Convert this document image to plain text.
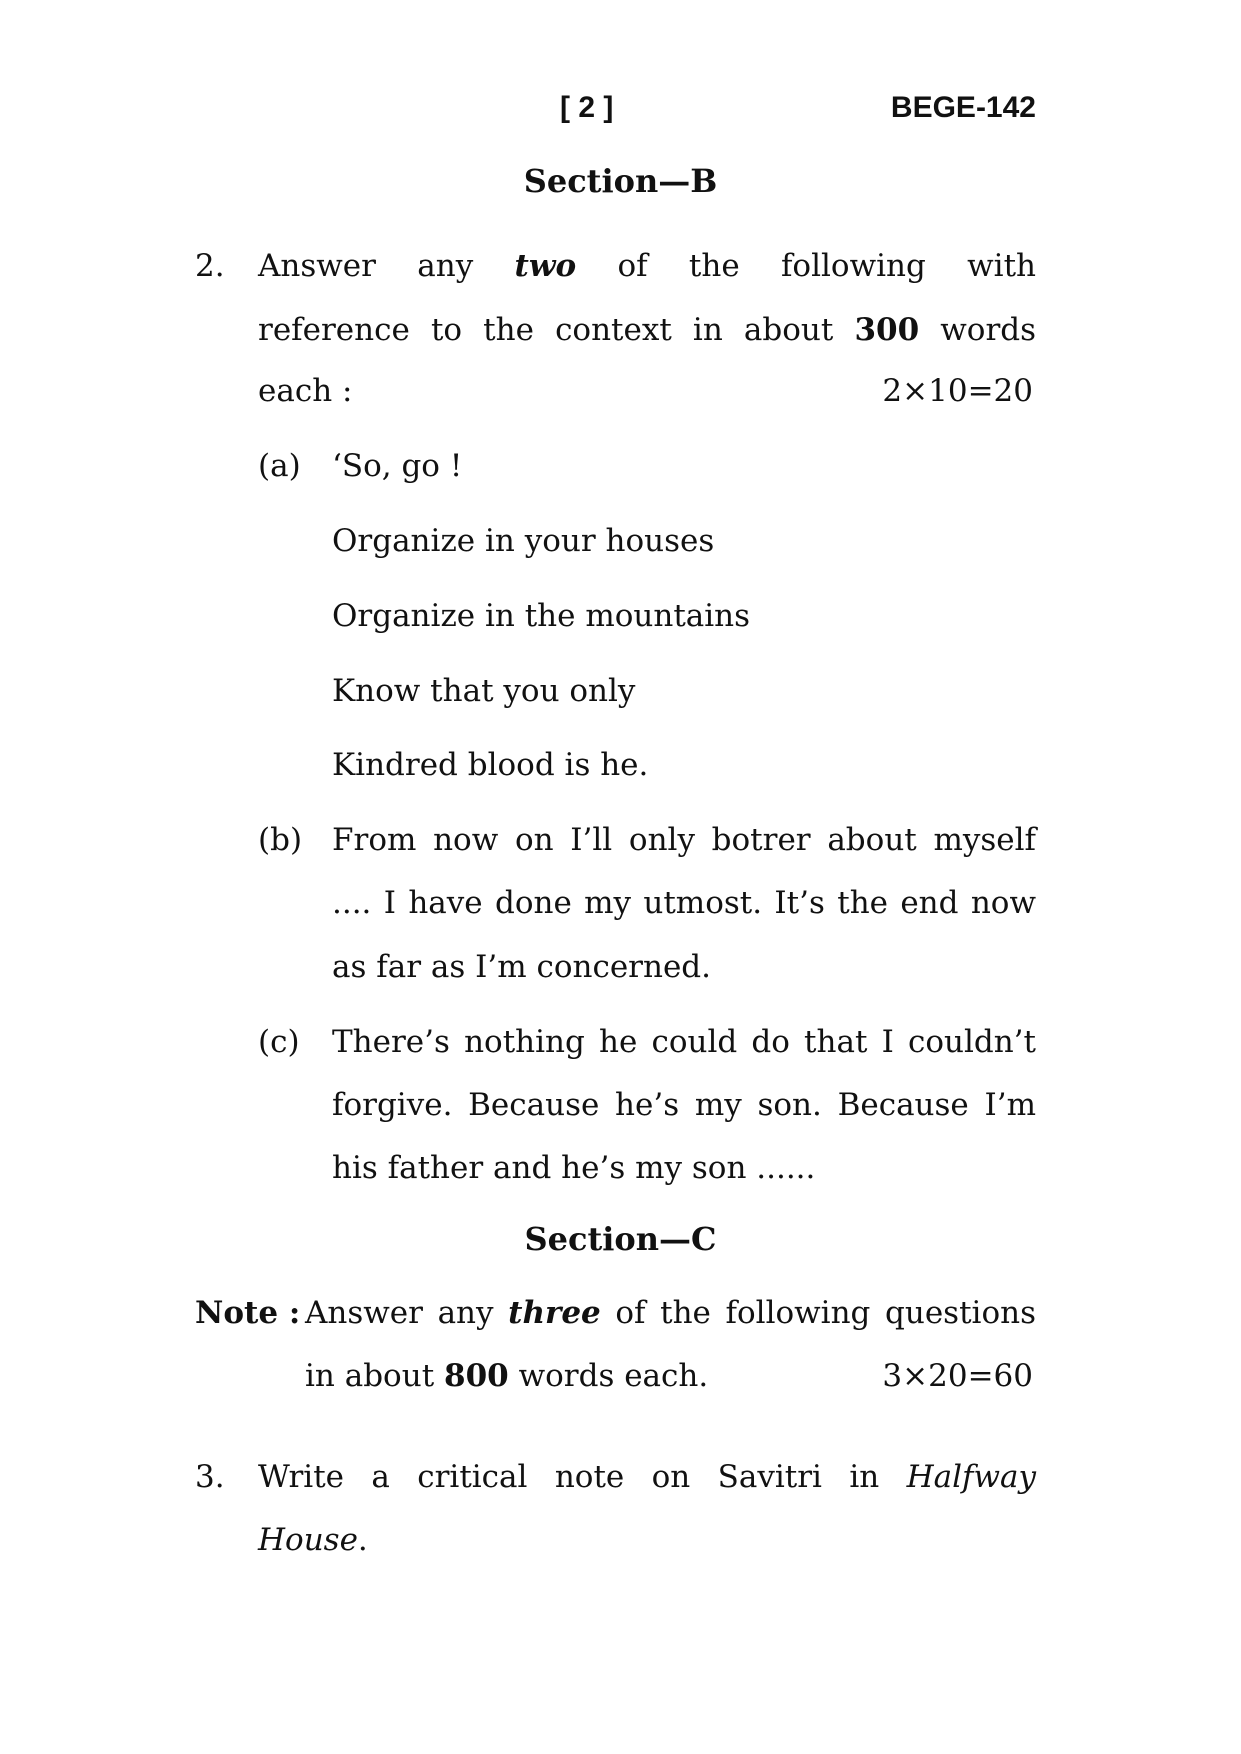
[ 2 ]	BEGE-142
Section—B
2. Answer any two of the following with
reference to the context in about 300 words
each :	2×10=20
(a) ‘So, go !
Organize in your houses
Organize in the mountains
Know that you only
Kindred blood is he.
(b) From now on I’ll only botrer about myself
.... I have done my utmost. It’s the end now
as far as I’m concerned.
(c) There’s nothing he could do that I couldn’t
forgive. Because he’s my son. Because I’m
his father and he’s my son ......
Section—C
Note : Answer any three of the following questions
in about 800 words each.	3×20=60
3. Write a critical note on Savitri in Halfway
House.
